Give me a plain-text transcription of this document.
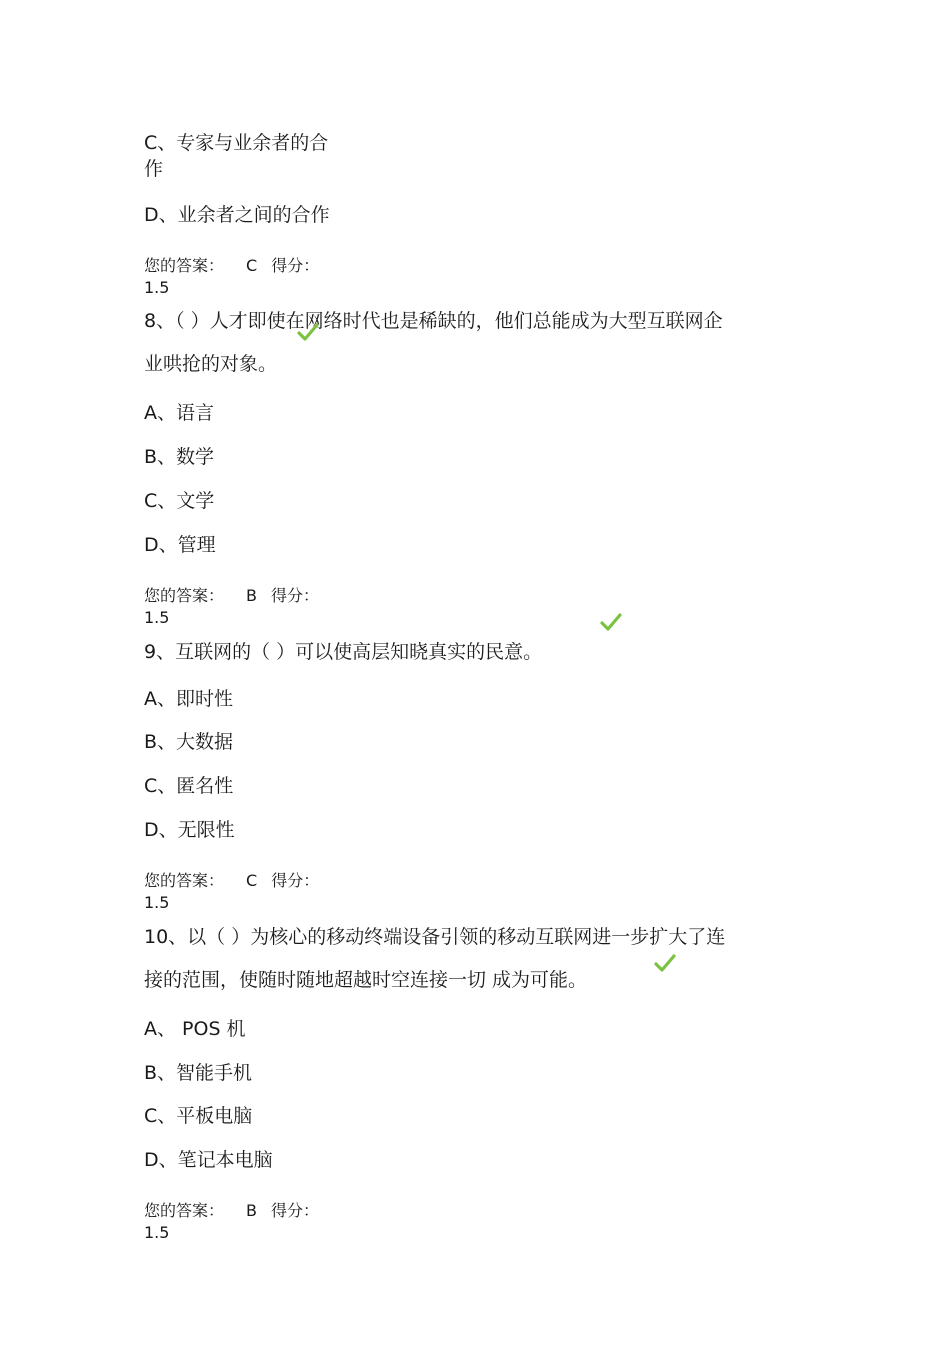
C、专家与业余者的合
作
D、业余者之间的合作
您的答案： C 得分：
1.5
8、（ ）人才即使在网络时代也是稀缺的，他们总能成为大型互联网企
业哄抢的对象。
A、语言
B、数学
C、文学
D、管理
您的答案： B 得分：
1.5
9、互联网的（ ）可以使高层知晓真实的民意。
A、即时性
B、大数据
C、匿名性
D、无限性
您的答案： C 得分：
1.5
10、以（ ）为核心的移动终端设备引领的移动互联网进一步扩大了连
接的范围，使随时随地超越时空连接一切 成为可能。
A、 POS 机
B、智能手机
C、平板电脑
D、笔记本电脑
您的答案： B 得分：
1.5
